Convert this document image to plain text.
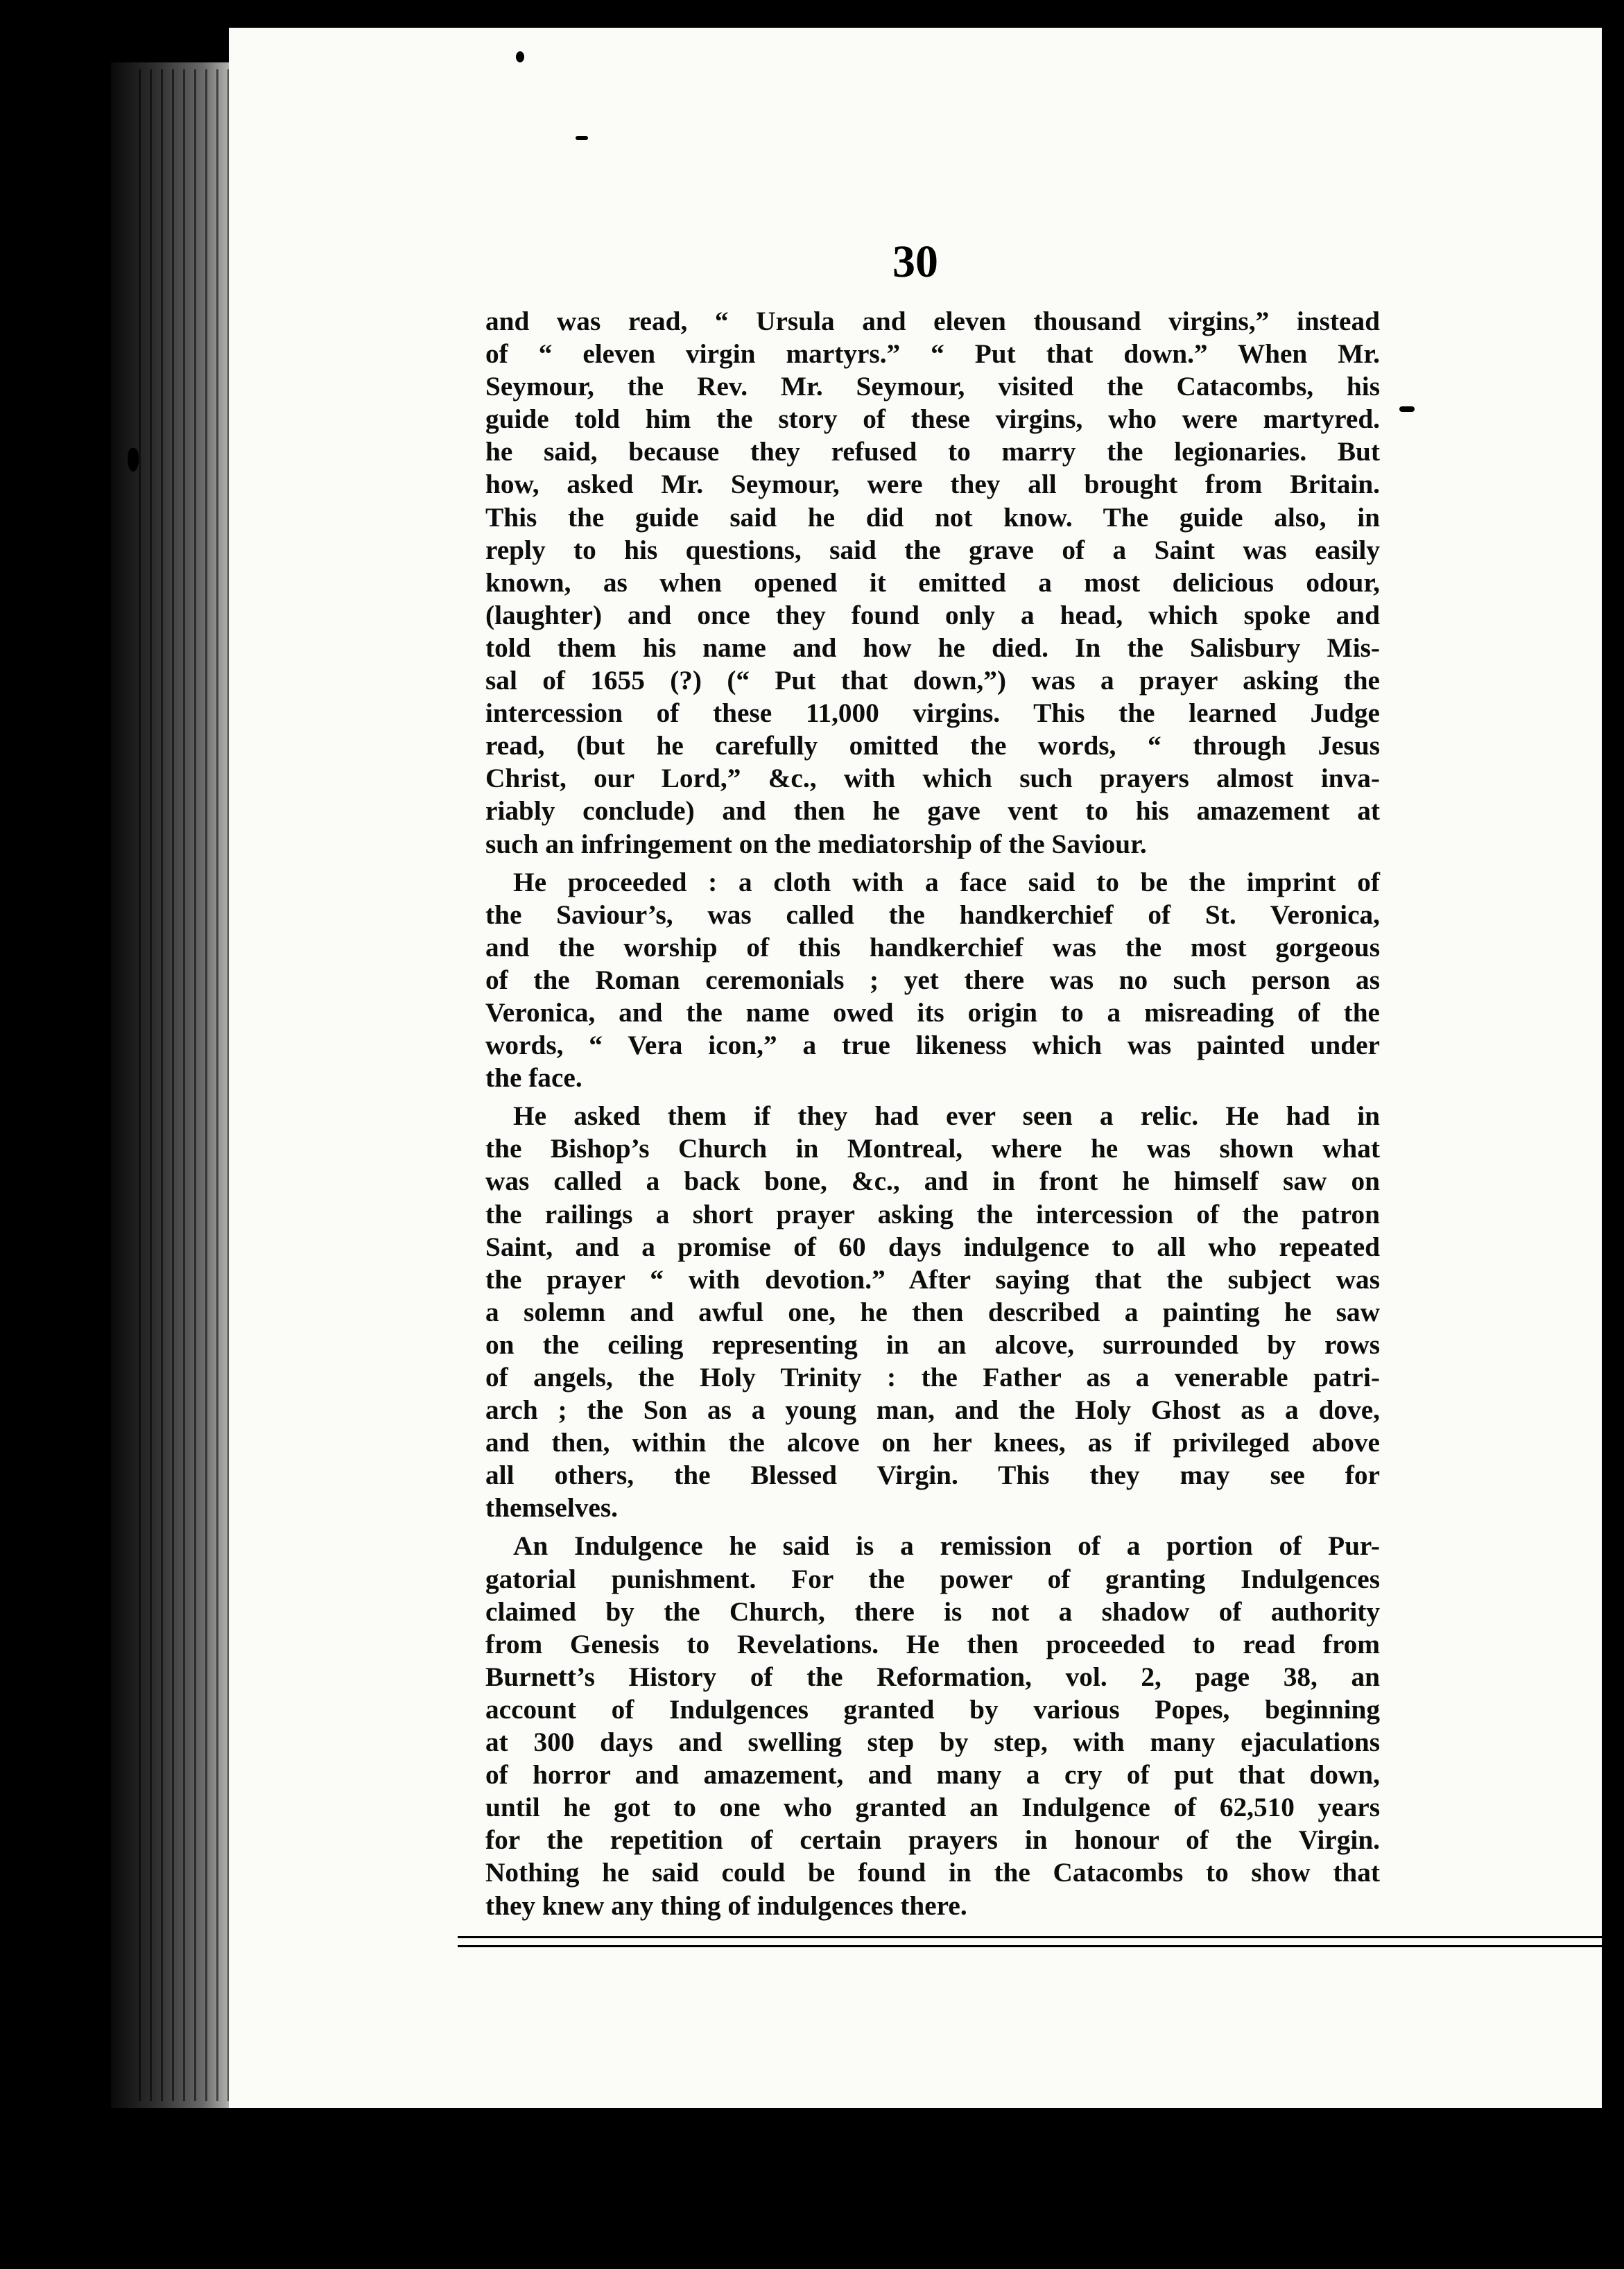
30
and was read, “ Ursula and eleven thousand virgins,” instead
of “ eleven virgin martyrs.” “ Put that down.” When Mr.
Seymour, the Rev. Mr. Seymour, visited the Catacombs, his
guide told him the story of these virgins, who were martyred.
he said, because they refused to marry the legionaries. But
how, asked Mr. Seymour, were they all brought from Britain.
This the guide said he did not know. The guide also, in
reply to his questions, said the grave of a Saint was easily
known, as when opened it emitted a most delicious odour,
(laughter) and once they found only a head, which spoke and
told them his name and how he died. In the Salisbury Mis-
sal of 1655 (?) (“ Put that down,”) was a prayer asking the
intercession of these 11,000 virgins. This the learned Judge
read, (but he carefully omitted the words, “ through Jesus
Christ, our Lord,” &c., with which such prayers almost inva-
riably conclude) and then he gave vent to his amazement at
such an infringement on the mediatorship of the Saviour.
He proceeded : a cloth with a face said to be the imprint of
the Saviour’s, was called the handkerchief of St. Veronica,
and the worship of this handkerchief was the most gorgeous
of the Roman ceremonials ; yet there was no such person as
Veronica, and the name owed its origin to a misreading of the
words, “ Vera icon,” a true likeness which was painted under
the face.
He asked them if they had ever seen a relic. He had in
the Bishop’s Church in Montreal, where he was shown what
was called a back bone, &c., and in front he himself saw on
the railings a short prayer asking the intercession of the patron
Saint, and a promise of 60 days indulgence to all who repeated
the prayer “ with devotion.” After saying that the subject was
a solemn and awful one, he then described a painting he saw
on the ceiling representing in an alcove, surrounded by rows
of angels, the Holy Trinity : the Father as a venerable patri-
arch ; the Son as a young man, and the Holy Ghost as a dove,
and then, within the alcove on her knees, as if privileged above
all others, the Blessed Virgin. This they may see for
themselves.
An Indulgence he said is a remission of a portion of Pur-
gatorial punishment. For the power of granting Indulgences
claimed by the Church, there is not a shadow of authority
from Genesis to Revelations. He then proceeded to read from
Burnett’s History of the Reformation, vol. 2, page 38, an
account of Indulgences granted by various Popes, beginning
at 300 days and swelling step by step, with many ejaculations
of horror and amazement, and many a cry of put that down,
until he got to one who granted an Indulgence of 62,510 years
for the repetition of certain prayers in honour of the Virgin.
Nothing he said could be found in the Catacombs to show that
they knew any thing of indulgences there.
